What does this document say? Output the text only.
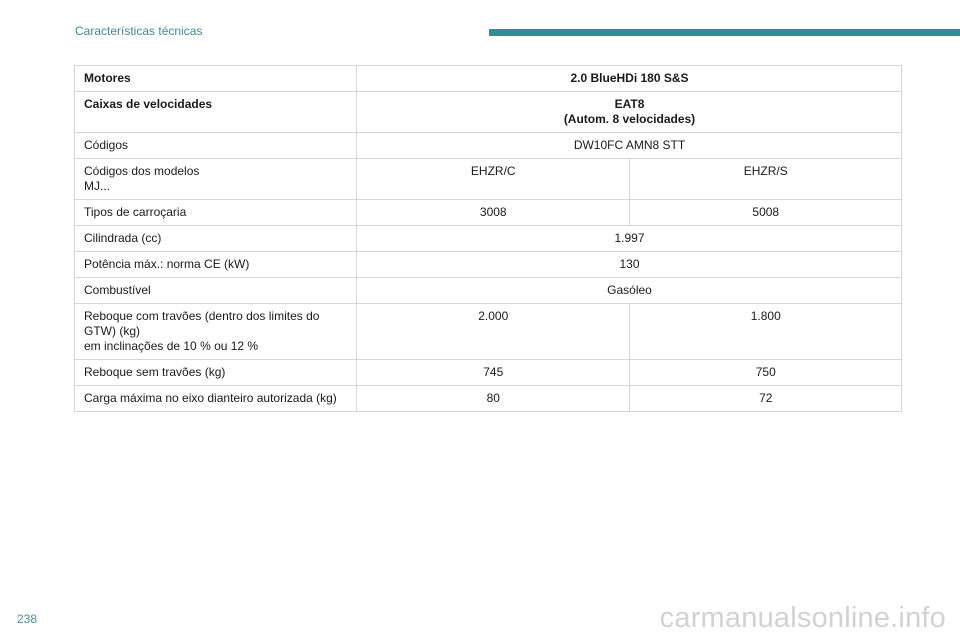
Características técnicas
Motores	2.0 BlueHDi 180 S&S	
Caixas de velocidades	EAT8
(Autom. 8 velocidades)	
Códigos	DW10FC AMN8 STT	
Códigos dos modelos
MJ...	EHZR/C	EHZR/S
Tipos de carroçaria	3008	5008
Cilindrada (cc)	1.997	
Potência máx.: norma CE (kW)	130	
Combustível	Gasóleo	
Reboque com travões (dentro dos limites do
GTW) (kg)
em inclinações de 10 % ou 12 %	2.000	1.800
Reboque sem travões (kg)	745	750
Carga máxima no eixo dianteiro autorizada (kg)	80	72
238	carmanualsonline.info
